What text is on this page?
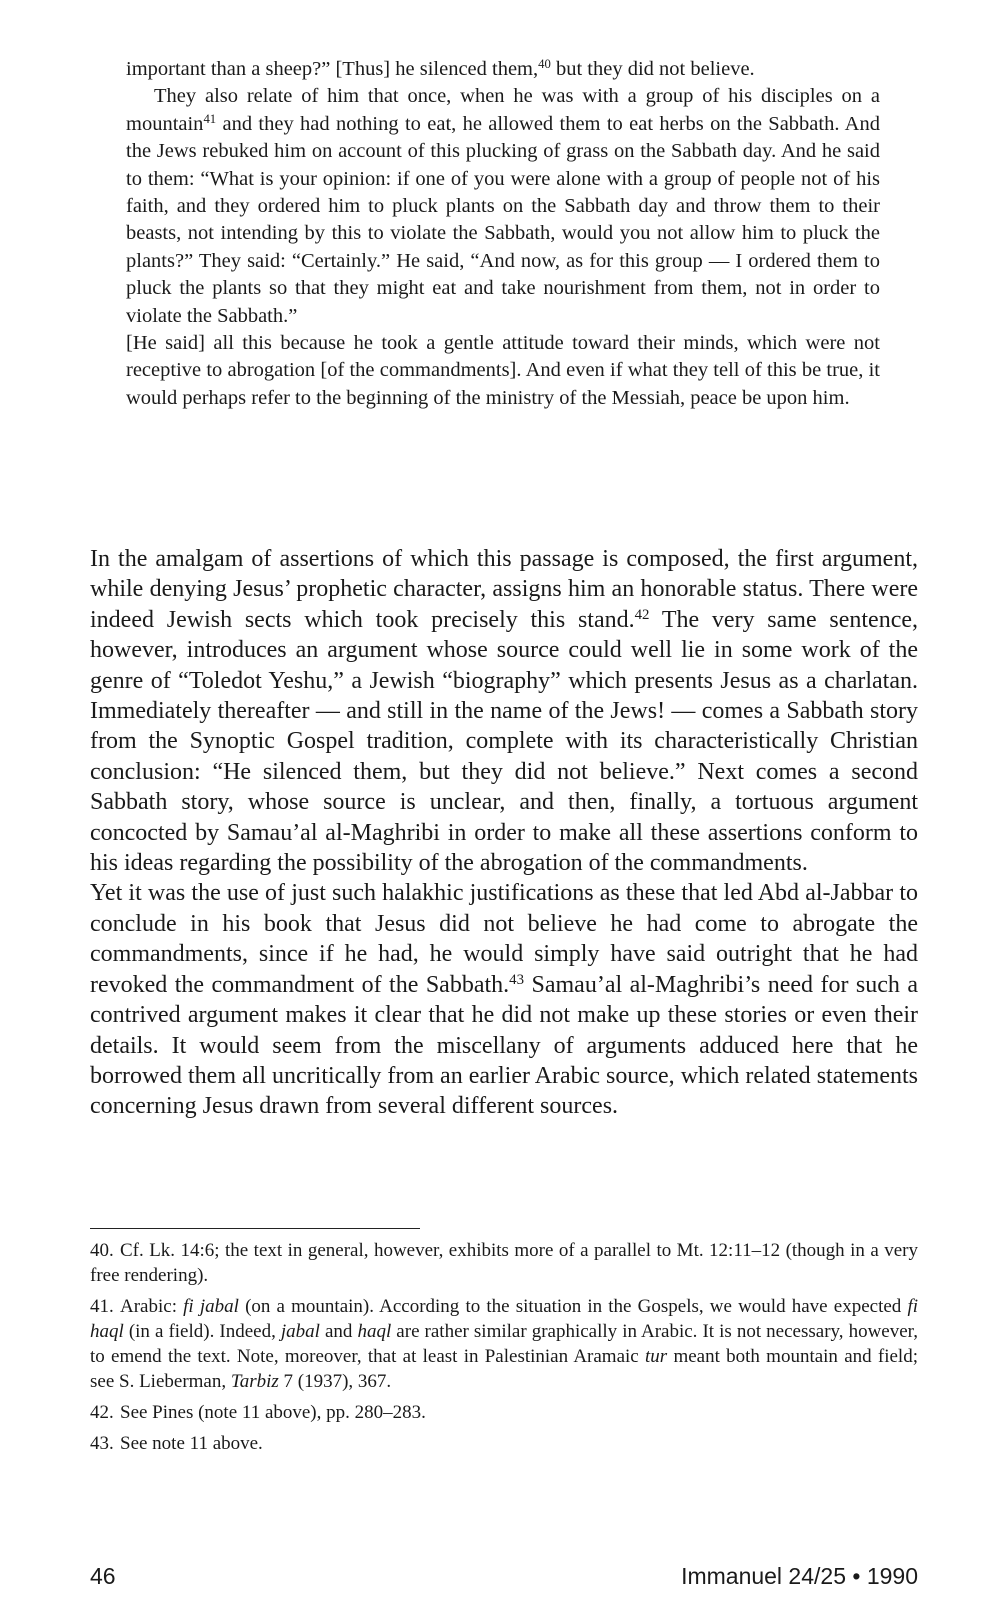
important than a sheep?” [Thus] he silenced them,$^{40}$ but they did not believe.

They also relate of him that once, when he was with a group of his disciples on a mountain$^{41}$ and they had nothing to eat, he allowed them to eat herbs on the Sabbath. And the Jews rebuked him on account of this plucking of grass on the Sabbath day. And he said to them: “What is your opinion: if one of you were alone with a group of people not of his faith, and they ordered him to pluck plants on the Sabbath day and throw them to their beasts, not intending by this to violate the Sabbath, would you not allow him to pluck the plants?” They said: “Certainly.” He said, “And now, as for this group — I ordered them to pluck the plants so that they might eat and take nourishment from them, not in order to violate the Sabbath.”

[He said] all this because he took a gentle attitude toward their minds, which were not receptive to abrogation [of the commandments]. And even if what they tell of this be true, it would perhaps refer to the beginning of the ministry of the Messiah, peace be upon him.

In the amalgam of assertions of which this passage is composed, the first argument, while denying Jesus’ prophetic character, assigns him an honorable status. There were indeed Jewish sects which took precisely this stand.$^{42}$ The very same sentence, however, introduces an argument whose source could well lie in some work of the genre of “Toledot Yeshu,” a Jewish “biography” which presents Jesus as a charlatan. Immediately thereafter — and still in the name of the Jews! — comes a Sabbath story from the Synoptic Gospel tradition, complete with its characteristically Christian conclusion: “He silenced them, but they did not believe.” Next comes a second Sabbath story, whose source is unclear, and then, finally, a tortuous argument concocted by Samau’al al-Maghribi in order to make all these assertions conform to his ideas regarding the possibility of the abrogation of the commandments.

Yet it was the use of just such halakhic justifications as these that led Abd al-Jabbar to conclude in his book that Jesus did not believe he had come to abrogate the commandments, since if he had, he would simply have said outright that he had revoked the commandment of the Sabbath.$^{43}$ Samau’al al-Maghribi’s need for such a contrived argument makes it clear that he did not make up these stories or even their details. It would seem from the miscellany of arguments adduced here that he borrowed them all uncritically from an earlier Arabic source, which related statements concerning Jesus drawn from several different sources.

40. Cf. Lk. 14:6; the text in general, however, exhibits more of a parallel to Mt. 12:11–12 (though in a very free rendering).
41. Arabic: fi jabal (on a mountain). According to the situation in the Gospels, we would have expected fi haql (in a field). Indeed, jabal and haql are rather similar graphically in Arabic. It is not necessary, however, to emend the text. Note, moreover, that at least in Palestinian Aramaic tur meant both mountain and field; see S. Lieberman, Tarbiz 7 (1937), 367.
42. See Pines (note 11 above), pp. 280–283.
43. See note 11 above.
46	Immanuel 24/25 • 1990
